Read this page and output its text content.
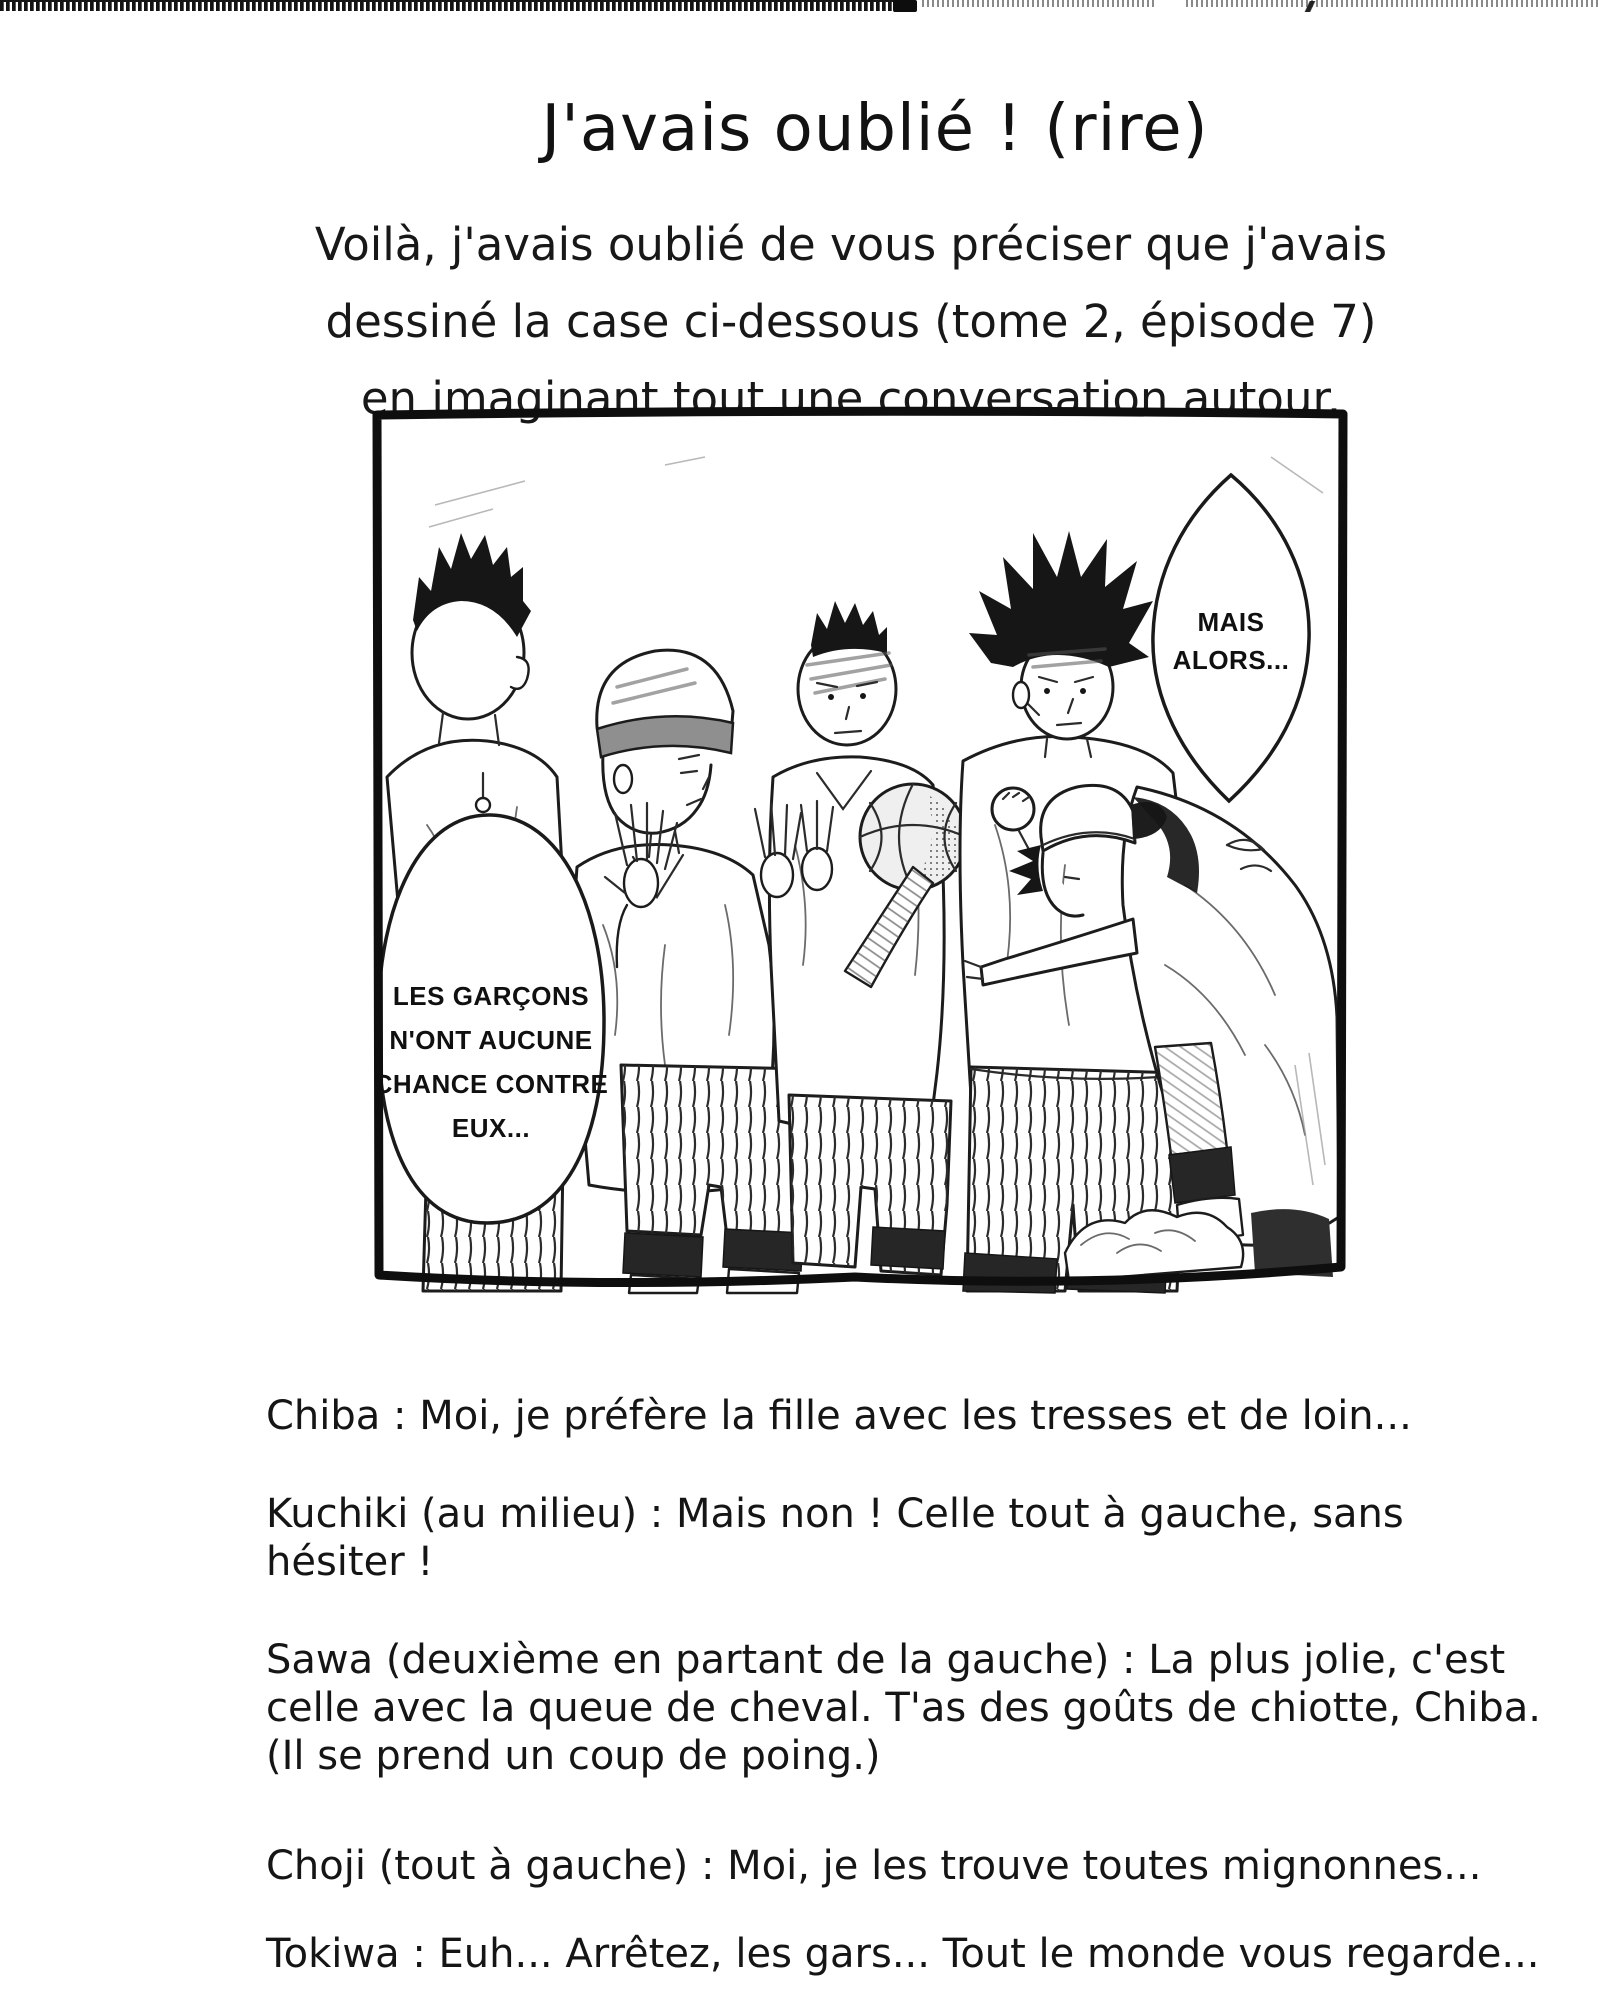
J'avais oublié ! (rire)
Voilà, j'avais oublié de vous préciser que j'avais
dessiné la case ci-dessous (tome 2, épisode 7)
en imaginant tout une conversation autour.
LES GARÇONS
N'ONT AUCUNE
CHANCE CONTRE
EUX...
MAIS
ALORS...
Chiba : Moi, je préfère la fille avec les tresses et de loin...
Kuchiki (au milieu) : Mais non ! Celle tout à gauche, sans
hésiter !
Sawa (deuxième en partant de la gauche) : La plus jolie, c'est
celle avec la queue de cheval. T'as des goûts de chiotte, Chiba.
(Il se prend un coup de poing.)
Choji (tout à gauche) : Moi, je les trouve toutes mignonnes...
Tokiwa : Euh... Arrêtez, les gars... Tout le monde vous regarde...
